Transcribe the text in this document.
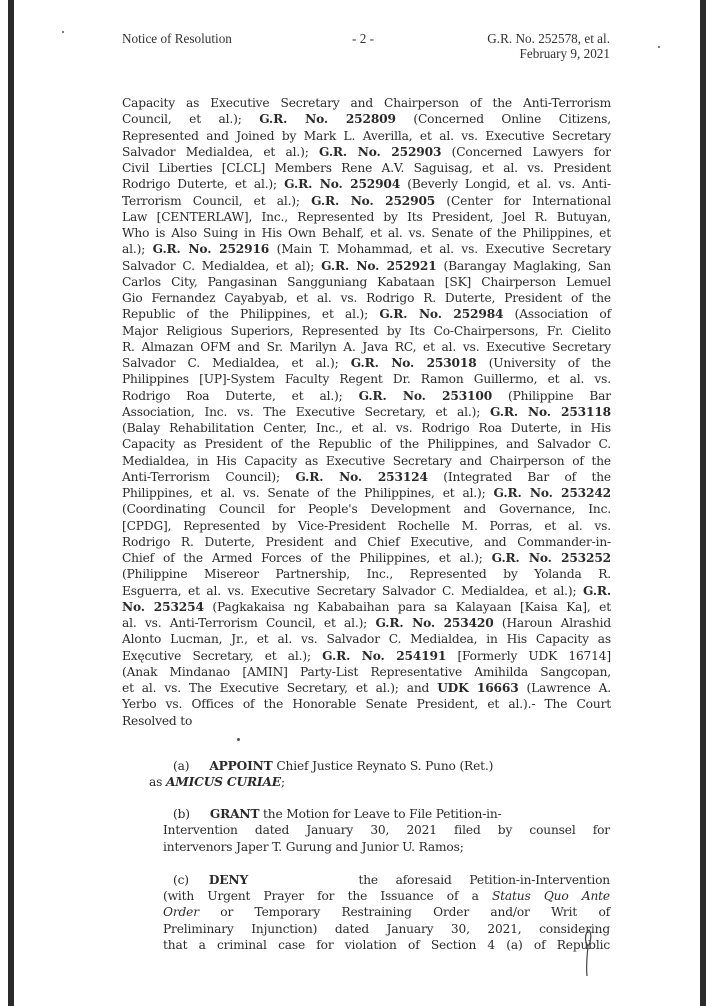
Notice of Resolution	- 2 -	G.R. No. 252578, et al.
February 9, 2021
Capacity as Executive Secretary and Chairperson of the Anti-Terrorism
Council, et al.); G.R. No. 252809 (Concerned Online Citizens,
Represented and Joined by Mark L. Averilla, et al. vs. Executive Secretary
Salvador Medialdea, et al.); G.R. No. 252903 (Concerned Lawyers for
Civil Liberties [CLCL] Members Rene A.V. Saguisag, et al. vs. President
Rodrigo Duterte, et al.); G.R. No. 252904 (Beverly Longid, et al. vs. Anti-
Terrorism Council, et al.); G.R. No. 252905 (Center for International
Law [CENTERLAW], Inc., Represented by Its President, Joel R. Butuyan,
Who is Also Suing in His Own Behalf, et al. vs. Senate of the Philippines, et
al.); G.R. No. 252916 (Main T. Mohammad, et al. vs. Executive Secretary
Salvador C. Medialdea, et al); G.R. No. 252921 (Barangay Maglaking, San
Carlos City, Pangasinan Sangguniang Kabataan [SK] Chairperson Lemuel
Gio Fernandez Cayabyab, et al. vs. Rodrigo R. Duterte, President of the
Republic of the Philippines, et al.); G.R. No. 252984 (Association of
Major Religious Superiors, Represented by Its Co-Chairpersons, Fr. Cielito
R. Almazan OFM and Sr. Marilyn A. Java RC, et al. vs. Executive Secretary
Salvador C. Medialdea, et al.); G.R. No. 253018 (University of the
Philippines [UP]-System Faculty Regent Dr. Ramon Guillermo, et al. vs.
Rodrigo Roa Duterte, et al.); G.R. No. 253100 (Philippine Bar
Association, Inc. vs. The Executive Secretary, et al.); G.R. No. 253118
(Balay Rehabilitation Center, Inc., et al. vs. Rodrigo Roa Duterte, in His
Capacity as President of the Republic of the Philippines, and Salvador C.
Medialdea, in His Capacity as Executive Secretary and Chairperson of the
Anti-Terrorism Council); G.R. No. 253124 (Integrated Bar of the
Philippines, et al. vs. Senate of the Philippines, et al.); G.R. No. 253242
(Coordinating Council for People's Development and Governance, Inc.
[CPDG], Represented by Vice-President Rochelle M. Porras, et al. vs.
Rodrigo R. Duterte, President and Chief Executive, and Commander-in-
Chief of the Armed Forces of the Philippines, et al.); G.R. No. 253252
(Philippine Misereor Partnership, Inc., Represented by Yolanda R.
Esguerra, et al. vs. Executive Secretary Salvador C. Medialdea, et al.); G.R.
No. 253254 (Pagkakaisa ng Kababaihan para sa Kalayaan [Kaisa Ka], et
al. vs. Anti-Terrorism Council, et al.); G.R. No. 253420 (Haroun Alrashid
Alonto Lucman, Jr., et al. vs. Salvador C. Medialdea, in His Capacity as
Exęcutive Secretary, et al.); G.R. No. 254191 [Formerly UDK 16714]
(Anak Mindanao [AMIN] Party-List Representative Amihilda Sangcopan,
et al. vs. The Executive Secretary, et al.); and UDK 16663 (Lawrence A.
Yerbo vs. Offices of the Honorable Senate President, et al.).- The Court
Resolved to
(a) APPOINT Chief Justice Reynato S. Puno (Ret.)
as AMICUS CURIAE;
(b) GRANT the Motion for Leave to File Petition-in-
Intervention dated January 30, 2021 filed by counsel for
intervenors Japer T. Gurung and Junior U. Ramos;
(c) DENY	the aforesaid Petition-in-Intervention
(with Urgent Prayer for the Issuance of a Status Quo Ante
Order or Temporary Restraining Order and/or Writ of
Preliminary Injunction) dated January 30, 2021, considering
that a criminal case for violation of Section 4 (a) of Republic
